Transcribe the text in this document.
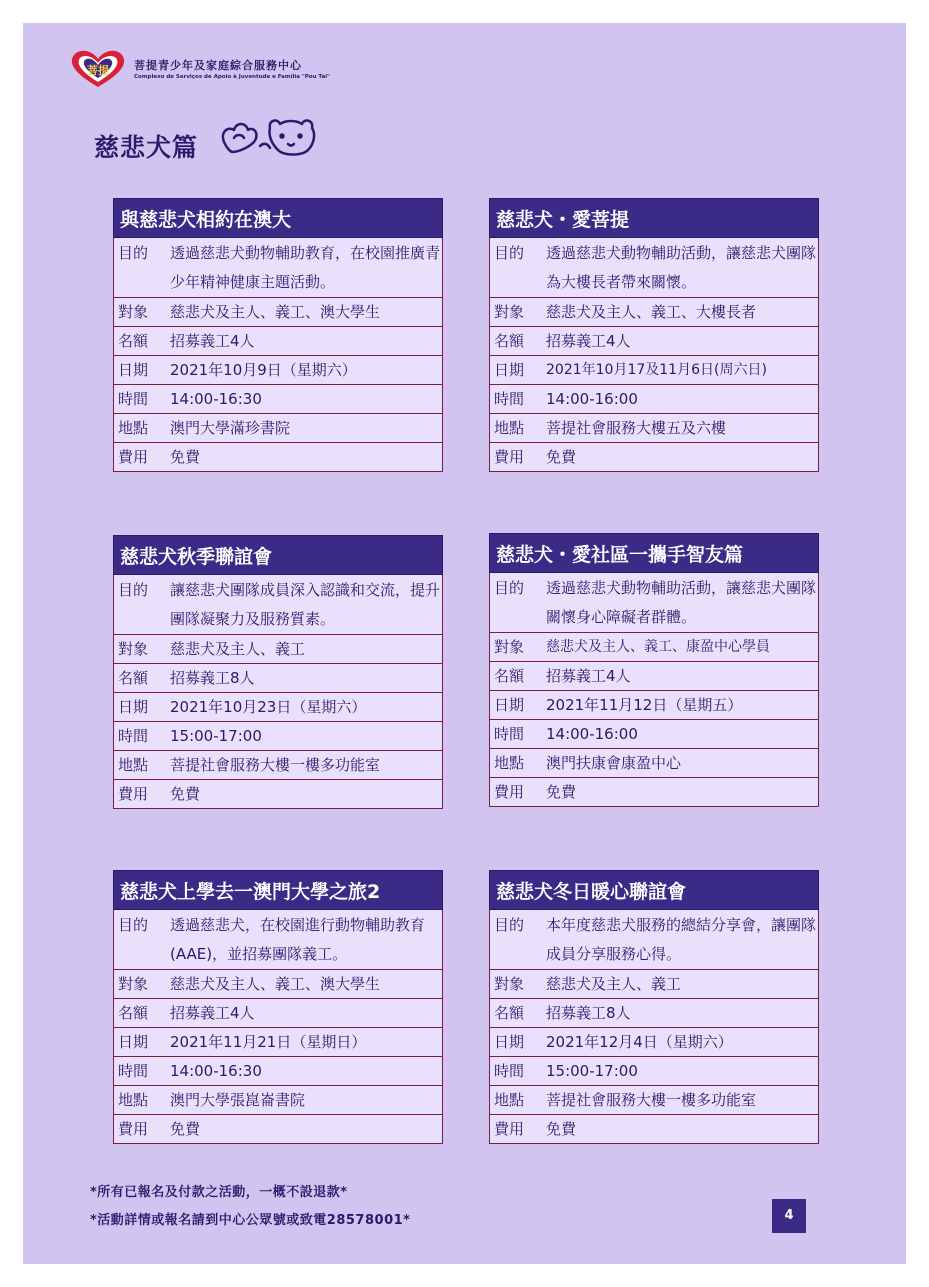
菩提 菩提青少年及家庭綜合服務中心
Complexo de Serviços de Apoio à Juventude e Família "Pou Tai"
慈悲犬篇
與慈悲犬相約在澳大
目的	透過慈悲犬動物輔助教育，在校園推廣青少年精神健康主題活動。
對象	慈悲犬及主人、義工、澳大學生
名額	招募義工4人
日期	2021年10月9日（星期六）
時間	14:00-16:30
地點	澳門大學滿珍書院
費用	免費
慈悲犬・愛菩提
目的	透過慈悲犬動物輔助活動，讓慈悲犬團隊為大樓長者帶來關懷。
對象	慈悲犬及主人、義工、大樓長者
名額	招募義工4人
日期	2021年10月17及11月6日(周六日)
時間	14:00-16:00
地點	菩提社會服務大樓五及六樓
費用	免費
慈悲犬秋季聯誼會
目的	讓慈悲犬團隊成員深入認識和交流，提升團隊凝聚力及服務質素。
對象	慈悲犬及主人、義工
名額	招募義工8人
日期	2021年10月23日（星期六）
時間	15:00-17:00
地點	菩提社會服務大樓一樓多功能室
費用	免費
慈悲犬・愛社區一攜手智友篇
目的	透過慈悲犬動物輔助活動，讓慈悲犬團隊關懷身心障礙者群體。
對象	慈悲犬及主人、義工、康盈中心學員
名額	招募義工4人
日期	2021年11月12日（星期五）
時間	14:00-16:00
地點	澳門扶康會康盈中心
費用	免費
慈悲犬上學去一澳門大學之旅2
目的	透過慈悲犬，在校園進行動物輔助教育(AAE)，並招募團隊義工。
對象	慈悲犬及主人、義工、澳大學生
名額	招募義工4人
日期	2021年11月21日（星期日）
時間	14:00-16:30
地點	澳門大學張崑崙書院
費用	免費
慈悲犬冬日暖心聯誼會
目的	本年度慈悲犬服務的總結分享會，讓團隊成員分享服務心得。
對象	慈悲犬及主人、義工
名額	招募義工8人
日期	2021年12月4日（星期六）
時間	15:00-17:00
地點	菩提社會服務大樓一樓多功能室
費用	免費
*所有已報名及付款之活動，一概不設退款*
*活動詳情或報名請到中心公眾號或致電28578001*	4
